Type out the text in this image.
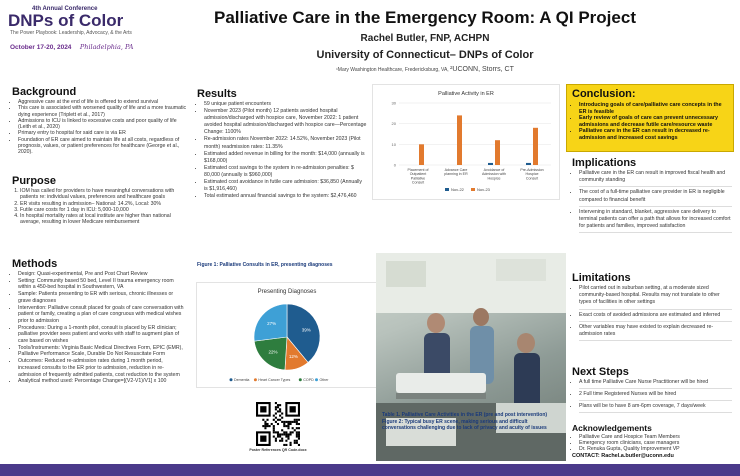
4th Annual Conference
DNPs of Color
The Power Playbook: Leadership, Advocacy, & the Arts
October 17-20, 2024 Philadelphia, PA
Palliative Care in the Emergency Room: A QI Project
Rachel Butler, FNP, ACHPN
University of Connecticut– DNPs of Color
¹Mary Washington Healthcare, Fredericksburg, VA, ²UCONN, Storrs, CT
Background
• Aggressive care at the end of life is offered to extend survival
• This care is associated with worsened quality of life and a more traumatic dying experience (Triplett et al., 2017)
• Admissions to ICU is linked to excessive costs and poor quality of life (Leith et al., 2020)
• Primary entry to hospital for said care is via ER
• Foundation of ER care aimed to maintain life at all costs, regardless of prognosis, values, or patient preferences for healthcare (George et al., 2020).
Purpose
1. IOM has called for providers to have meaningful conversations with patients re: individual values, preferences and healthcare goals
2. ER visits resulting in admission– National: 14.2%, Local: 30%
3. Futile care costs for 1 day in ICU: 5,000-10,000
4. In hospital mortality rates at local institute are higher than national average, resulting in lower Medicare reimbursement
Methods
• Design: Quasi-experimental, Pre and Post Chart Review
• Setting: Community based 50 bed, Level II trauma emergency room within a 450-bed hospital in Southwestern, VA
• Sample: Patients presenting to ER with serious, chronic illnesses or grave diagnoses
• Intervention: Palliative consult placed for goals of care conversation with patient or family, creating a plan of care congruous with medical wishes prior to admission
• Procedures: During a 1-month pilot, consult is placed by ER clinician; palliative provider sees patient and works with staff to augment plan of care based on wishes
• Tools/Instruments: Virginia Basic Medical Directives Form, EPIC (EMR), Palliative Performance Scale, Durable Do Not Resuscitate Form
• Outcomes: Reduced re-admission rates during 1 month period, increased consults to the ER prior to admission, reduction in re-admission of frequently admitted patients, cost reduction to the system
• Analytical method used: Percentage Change=[(V2-V1)/V1] x 100
Results
• 59 unique patient encounters
• November 2023 (Pilot month) 12 patients avoided hospital admission/discharged with hospice care, November 2022: 1 patient avoided hospital admission/discharged with hospice care—Percentage Change: 1100%
• Re-admission rates November 2022: 14.52%, November 2023 (Pilot month) readmission rates: 11.35%
• Estimated added revenue in billing for the month: $14,000 (annually is $168,000)
• Estimated cost savings to the system in re-admission penalties: $ 80,000 (annually is $960,000)
• Estimated cost avoidance in futile care admission: $36,850 (Annually is $1,916,460)
• Total estimated annual financial savings to the system: $2,476,460
Figure 1: Palliative Consults in ER, presenting diagnoses
Presenting Diagnoses
39%
12%
22%
27%
Dementia	Heart Cancer Types	COPD Other
Poster References QR Code.docx
Palliative Activity in ER
0
10
20
30
Placement of Outpatient Palliative Consult
Advance Care planning in ER
Avoidance of Admission with Hospice
Pre-Admission Hospice Consult
Nov-22	Nov-23
Table 1. Palliative Care Activities in the ER (pre and post intervention)
Figure 2: Typical busy ER scene, making serious and difficult conversations challenging due to lack of privacy and acuity of issues
Conclusion:
• Introducing goals of care/palliative care concepts in the ER is feasible
• Early review of goals of care can prevent unnecessary admissions and decrease futile care/resource waste
• Palliative care in the ER can result in decreased re-admission and increased cost savings
Implications
• Palliative care in the ER can result in improved fiscal health and community standing
• The cost of a full-time palliative care provider in ER is negligible compared to financial benefit
• Intervening in standard, blanket, aggressive care delivery to terminal patients can offer a path that allows for increased comfort for patients and families, improved satisfaction
Limitations
• Pilot carried out in suburban setting, at a moderate sized community-based hospital. Results may not translate to other types of facilities in other settings
• Exact costs of avoided admissions are estimated and inferred
• Other variables may have existed to explain decreased re-admission rates
Next Steps
• A full time Palliative Care Nurse Practitioner will be hired
• 2 Full time Registered Nurses will be hired
• Plans will be to have 8 am-6pm coverage, 7 days/week
Acknowledgements
• Palliative Care and Hospice Team Members
• Emergency room clinicians, case managers
• Dr. Renuka Gupta, Quality Improvement VP
CONTACT: Rachel.a.butler@uconn.edu
